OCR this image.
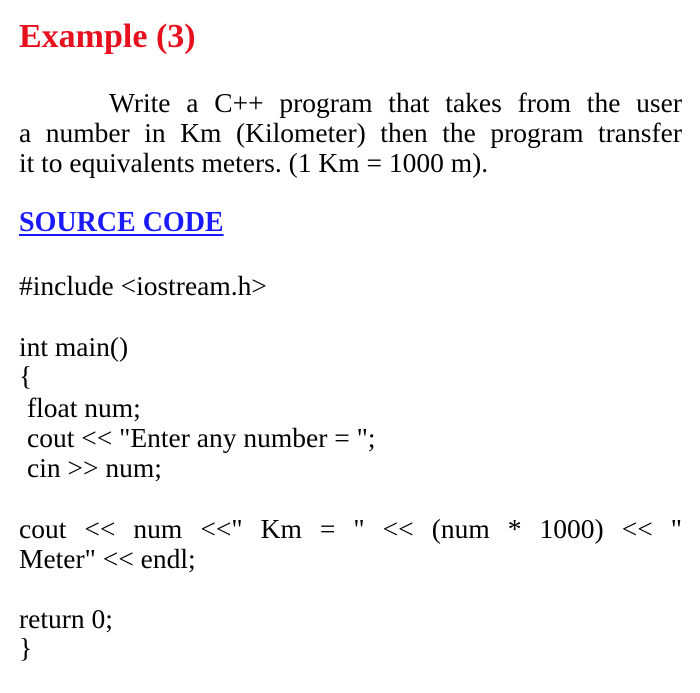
Example (3)
Write a C++ program that takes from the user
a number in Km (Kilometer) then the program transfer
it to equivalents meters. (1 Km = 1000 m).
SOURCE CODE
#include <iostream.h>
int main()
{
float num;
cout << "Enter any number = ";
cin >> num;
cout << num <<" Km = " << (num * 1000) << "
Meter" << endl;
return 0;
}
